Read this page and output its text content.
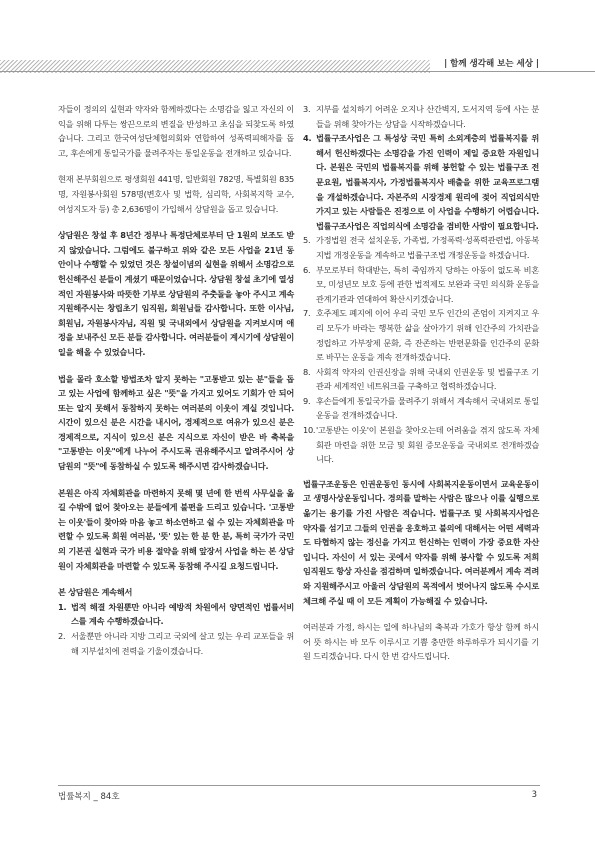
| 함께 생각해 보는 세상 |

자들이 정의의 실현과 약자와 함께하겠다는 소명감을 잃고 자신의 이익을 위해 다투는 쌍끈으로의 변질을 반성하고 초심을 되찾도록 하였습니다. 그리고 한국여성단체협의회와 연합하여 성폭력피해자를 돕고, 후손에게 통일국가를 물려주자는 통일운동을 전개하고 있습니다.

현재 본부회원으로 평생회원 441명, 일반회원 782명, 특별회원 835명, 자원봉사회원 578명(변호사 및 법학, 심리학, 사회복지학 교수, 여성지도자 등) 총 2,636명이 가입해서 상담원을 돕고 있습니다.

상담원은 창설 후 8년간 정부나 특정단체로부터 단 1원의 보조도 받지 않았습니다. 그럼에도 불구하고 위와 같은 모든 사업을 21년 동안이나 수행할 수 있었던 것은 창설이념의 실현을 위해서 소명감으로 헌신해주신 분들이 계셨기 때문이었습니다. 상담원 창설 초기에 열성적인 자원봉사와 따뜻한 기부로 상담원의 주춧돌을 놓아 주시고 계속 지원해주시는 창립초기 임직원, 회원님들 감사합니다. 또한 이사님, 회원님, 자원봉사자님, 직원 및 국내외에서 상담원을 지켜보시며 애정을 보내주신 모든 분들 감사합니다. 여러분들이 계시기에 상담원이 일을 해올 수 있었습니다.

법을 몰라 호소할 방법조차 알지 못하는 "고통받고 있는 분"들을 돕고 있는 사업에 함께하고 싶은 "뜻"을 가지고 있어도 기회가 안 되어 또는 알지 못해서 동참하지 못하는 여러분의 이웃이 계실 것입니다. 시간이 있으신 분은 시간을 내시어, 경제적으로 여유가 있으신 분은 경제적으로, 지식이 있으신 분은 지식으로 자신이 받은 바 축복을 "고통받는 이웃"에게 나누어 주시도록 권유해주시고 알려주시어 상담원의 "뜻"에 동참하실 수 있도록 해주시면 감사하겠습니다.

본원은 아직 자체회관을 마련하지 못해 몇 년에 한 번씩 사무실을 옮길 수밖에 없어 찾아오는 분들에게 불편을 드리고 있습니다. '고통받는 이웃'들이 찾아와 마음 놓고 하소연하고 쉴 수 있는 자체회관을 마련할 수 있도록 회원 여러분, '뜻' 있는 한 분 한 분, 특히 국가가 국민의 기본권 실현과 국가 비용 절약을 위해 앞장서 사업을 하는 본 상담원이 자체회관을 마련할 수 있도록 동참해 주시길 요청드립니다.

본 상담원은 계속해서
1. 법적 해결 차원뿐만 아니라 예방적 차원에서 양면적인 법률서비스를 계속 수행하겠습니다.
2. 서울뿐만 아니라 지방 그리고 국외에 살고 있는 우리 교포들을 위해 지부설치에 전력을 기울이겠습니다.
3. 지부를 설치하기 어려운 오지나 산간벽지, 도서지역 등에 사는 분들을 위해 찾아가는 상담을 시작하겠습니다.
4. 법률구조사업은 그 특성상 국민 특히 소외계층의 법률복지를 위해서 헌신하겠다는 소명감을 가진 인력이 제일 중요한 자원입니다. 본원은 국민의 법률복지를 위해 봉헌할 수 있는 법률구조 전문요원, 법률복지사, 가정법률복지사 배출을 위한 교육프로그램을 개설하겠습니다. 자본주의 시장경제 원리에 젖어 직업의식만 가지고 있는 사람들은 진정으로 이 사업을 수행하기 어렵습니다. 법률구조사업은 직업의식에 소명감을 겸비한 사람이 필요합니다.
5. 가정법원 전국 설치운동, 가족법, 가정폭력·성폭력관련법, 아동복지법 개정운동을 계속하고 법률구조법 개정운동을 하겠습니다.
6. 부모로부터 학대받는, 특히 죽임까지 당하는 아동이 없도록 비혼모, 미성년모 보호 등에 관한 법적제도 보완과 국민 의식화 운동을 관계기관과 연대하여 확산시키겠습니다.
7. 호주제도 폐지에 이어 우리 국민 모두 인간의 존엄이 지켜지고 우리 모두가 바라는 행복한 삶을 살아가기 위해 인간주의 가치관을 정립하고 가부장제 문화, 즉 잔존하는 반편문화를 인간주의 문화로 바꾸는 운동을 계속 전개하겠습니다.
8. 사회적 약자의 인권신장을 위해 국내외 인권운동 및 법률구조 기관과 세계적인 네트워크를 구축하고 협력하겠습니다.
9. 후손들에게 통일국가를 물려주기 위해서 계속해서 국내외로 통일운동을 전개하겠습니다.
10. '고통받는 이웃'이 본원을 찾아오는데 어려움을 겪지 않도록 자체회관 마련을 위한 모금 및 회원 증모운동을 국내외로 전개하겠습니다.

법률구조운동은 인권운동인 동시에 사회복지운동이면서 교육운동이고 생명사상운동입니다. 경의를 말하는 사람은 많으나 이를 실행으로 옮기는 용기를 가진 사람은 적습니다. 법률구조 및 사회복지사업은 약자를 섬기고 그들의 인권을 옹호하고 불의에 대해서는 어떤 세력과도 타협하지 않는 정신을 가지고 헌신하는 인력이 가장 중요한 자산입니다. 자신이 서 있는 곳에서 약자를 위해 봉사할 수 있도록 저희 임직원도 항상 자신을 점검하며 일하겠습니다. 여러분께서 계속 격려와 지원해주시고 아울러 상담원의 목적에서 벗어나지 않도록 수시로 체크해 주실 때 이 모든 계획이 가능해질 수 있습니다.

여러분과 가정, 하시는 일에 하나님의 축복과 가호가 항상 함께 하시어 뜻 하시는 바 모두 이루시고 기쁨 충만한 하루하루가 되시기를 기원 드리겠습니다. 다시 한 번 감사드립니다.

법률복지 _ 84호	3
